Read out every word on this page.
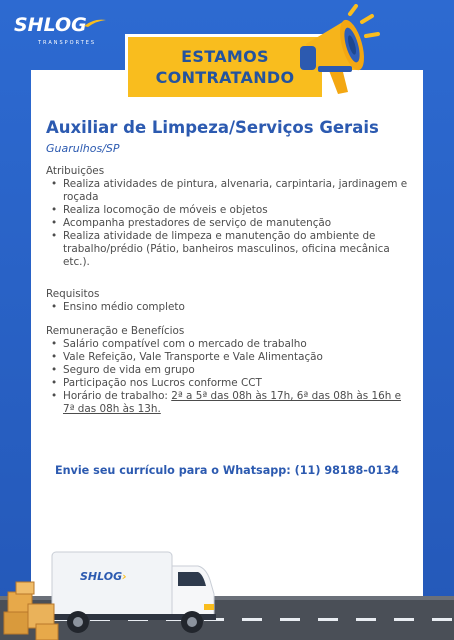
SHLOG
TRANSPORTES
ESTAMOS
CONTRATANDO
Auxiliar de Limpeza/Serviços Gerais
Guarulhos/SP
Atribuições
• Realiza atividades de pintura, alvenaria, carpintaria, jardinagem e roçada
• Realiza locomoção de móveis e objetos
• Acompanha prestadores de serviço de manutenção
• Realiza atividade de limpeza e manutenção do ambiente de trabalho/prédio (Pátio, banheiros masculinos, oficina mecânica etc.).
Requisitos
• Ensino médio completo
Remuneração e Benefícios
• Salário compatível com o mercado de trabalho
• Vale Refeição, Vale Transporte e Vale Alimentação
• Seguro de vida em grupo
• Participação nos Lucros conforme CCT
• Horário de trabalho: 2ª a 5ª das 08h às 17h, 6ª das 08h às 16h e 7ª das 08h às 13h.
Envie seu currículo para o Whatsapp: (11) 98188-0134
SHLOG›
